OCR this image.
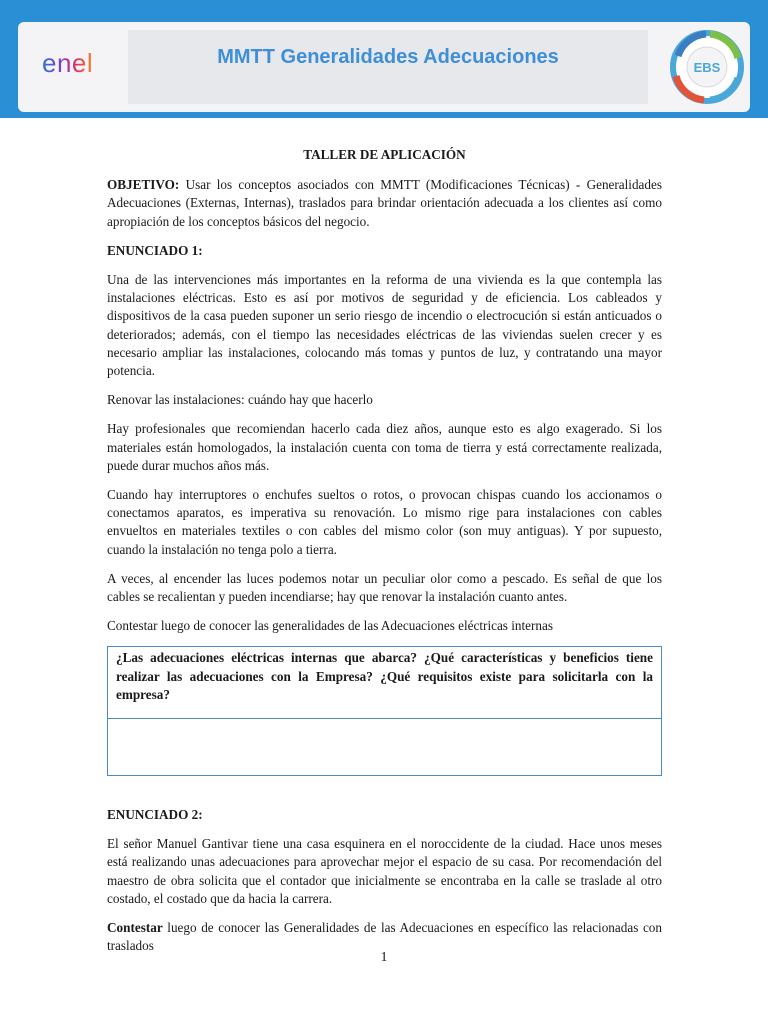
enel	MMTT Generalidades Adecuaciones	EBS
TALLER DE APLICACIÓN

OBJETIVO: Usar los conceptos asociados con MMTT (Modificaciones Técnicas) - Generalidades Adecuaciones (Externas, Internas), traslados para brindar orientación adecuada a los clientes así como apropiación de los conceptos básicos del negocio.

ENUNCIADO 1:

Una de las intervenciones más importantes en la reforma de una vivienda es la que contempla las instalaciones eléctricas. Esto es así por motivos de seguridad y de eficiencia. Los cableados y dispositivos de la casa pueden suponer un serio riesgo de incendio o electrocución si están anticuados o deteriorados; además, con el tiempo las necesidades eléctricas de las viviendas suelen crecer y es necesario ampliar las instalaciones, colocando más tomas y puntos de luz, y contratando una mayor potencia.

Renovar las instalaciones: cuándo hay que hacerlo

Hay profesionales que recomiendan hacerlo cada diez años, aunque esto es algo exagerado. Si los materiales están homologados, la instalación cuenta con toma de tierra y está correctamente realizada, puede durar muchos años más.

Cuando hay interruptores o enchufes sueltos o rotos, o provocan chispas cuando los accionamos o conectamos aparatos, es imperativa su renovación. Lo mismo rige para instalaciones con cables envueltos en materiales textiles o con cables del mismo color (son muy antiguas). Y por supuesto, cuando la instalación no tenga polo a tierra.

A veces, al encender las luces podemos notar un peculiar olor como a pescado. Es señal de que los cables se recalientan y pueden incendiarse; hay que renovar la instalación cuanto antes.

Contestar luego de conocer las generalidades de las Adecuaciones eléctricas internas

¿Las adecuaciones eléctricas internas que abarca? ¿Qué características y beneficios tiene realizar las adecuaciones con la Empresa? ¿Qué requisitos existe para solicitarla con la empresa?

ENUNCIADO 2:

El señor Manuel Gantivar tiene una casa esquinera en el noroccidente de la ciudad. Hace unos meses está realizando unas adecuaciones para aprovechar mejor el espacio de su casa. Por recomendación del maestro de obra solicita que el contador que inicialmente se encontraba en la calle se traslade al otro costado, el costado que da hacia la carrera.

Contestar luego de conocer las Generalidades de las Adecuaciones en específico las relacionadas con traslados

1
